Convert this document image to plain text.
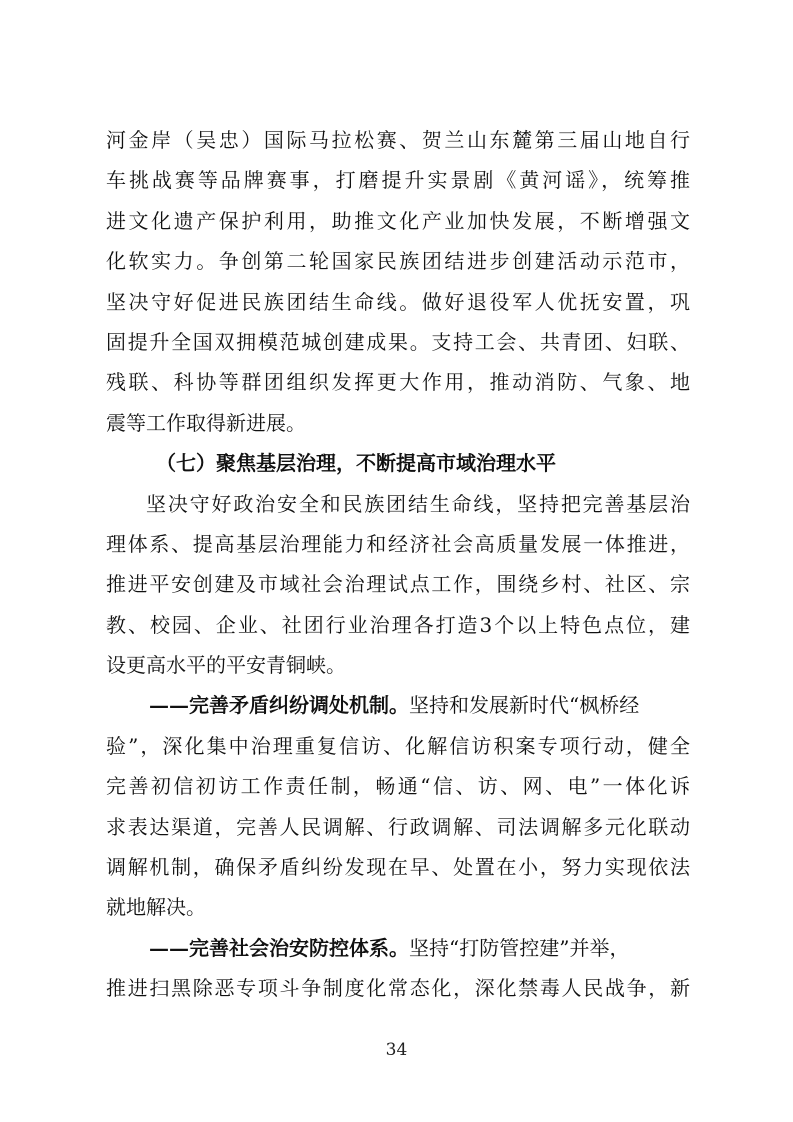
河金岸（吴忠）国际马拉松赛、贺兰山东麓第三届山地自行
车挑战赛等品牌赛事，打磨提升实景剧《黄河谣》，统筹推
进文化遗产保护利用，助推文化产业加快发展，不断增强文
化软实力。争创第二轮国家民族团结进步创建活动示范市，
坚决守好促进民族团结生命线。做好退役军人优抚安置，巩
固提升全国双拥模范城创建成果。支持工会、共青团、妇联、
残联、科协等群团组织发挥更大作用，推动消防、气象、地
震等工作取得新进展。
（七）聚焦基层治理，不断提高市域治理水平
坚决守好政治安全和民族团结生命线，坚持把完善基层治
理体系、提高基层治理能力和经济社会高质量发展一体推进，
推进平安创建及市域社会治理试点工作，围绕乡村、社区、宗
教、校园、企业、社团行业治理各打造3个以上特色点位，建
设更高水平的平安青铜峡。
——完善矛盾纠纷调处机制。坚持和发展新时代“枫桥经
验”，深化集中治理重复信访、化解信访积案专项行动，健全
完善初信初访工作责任制，畅通“信、访、网、电”一体化诉
求表达渠道，完善人民调解、行政调解、司法调解多元化联动
调解机制，确保矛盾纠纷发现在早、处置在小，努力实现依法
就地解决。
——完善社会治安防控体系。坚持“打防管控建”并举，
推进扫黑除恶专项斗争制度化常态化，深化禁毒人民战争，新
34
